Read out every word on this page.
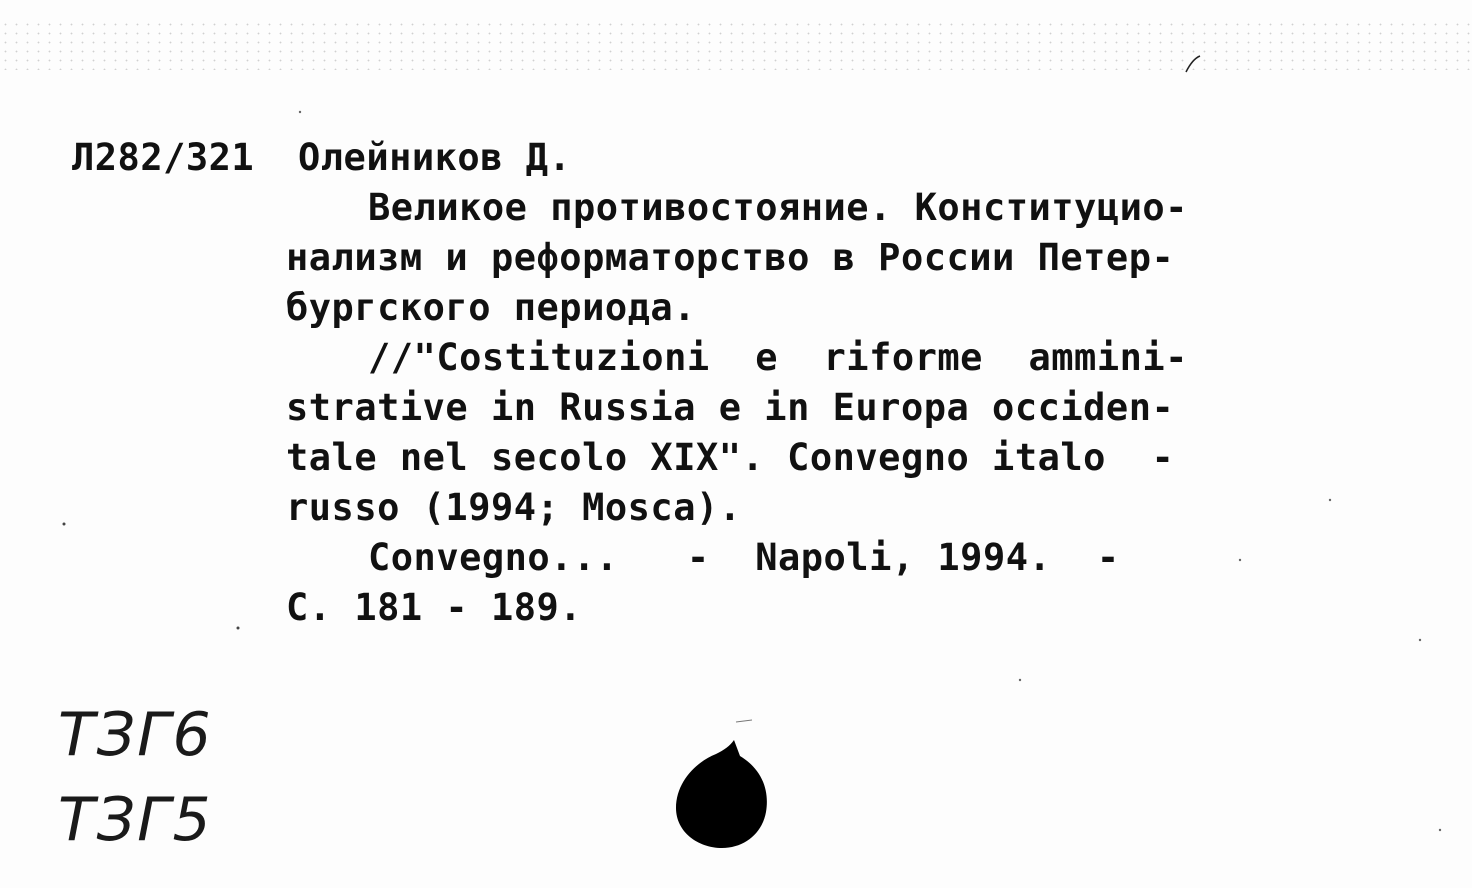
Л282/321 Олейников Д.
Великое противостояние. Конституцио-
нализм и реформаторство в России Петер-
бургского периода.
//"Costituzioni  e  riforme  ammini-
strative in Russia e in Europa occiden-
tale nel secolo XIX". Convegno italo  -
russo (1994; Mosca).
Convegno...   -  Napoli, 1994.  -
C. 181 - 189.
ТЗГ6
ТЗГ5
